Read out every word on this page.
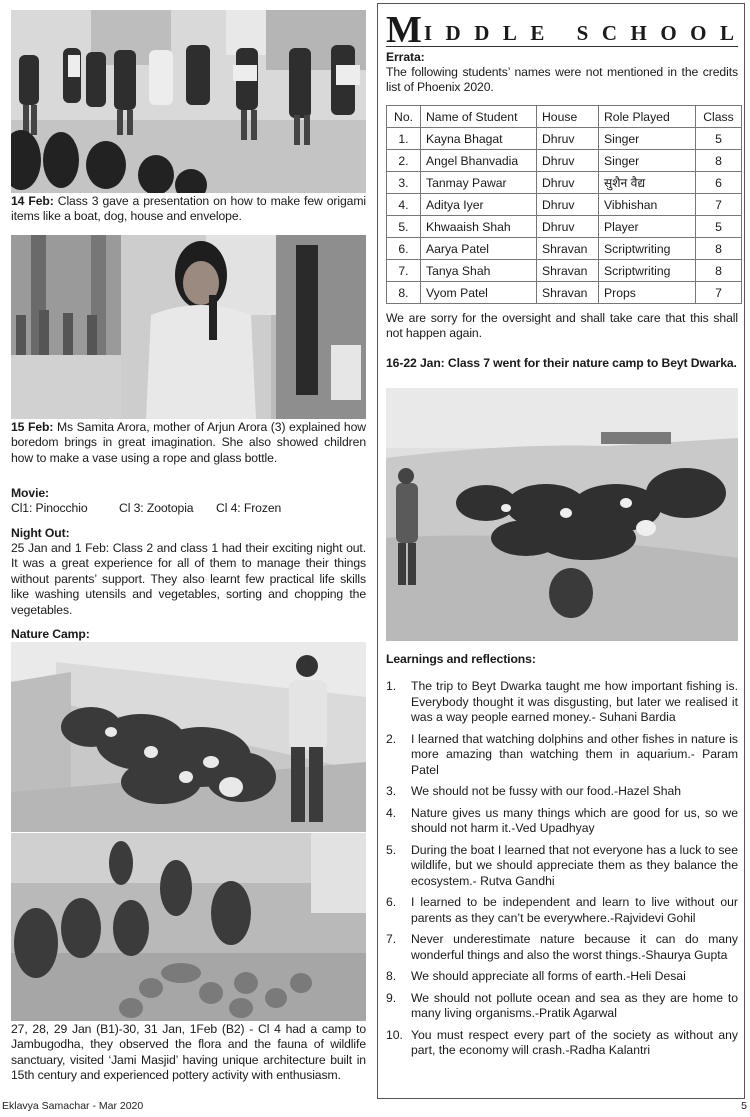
14 Feb: Class 3 gave a presentation on how to make few origami items like a boat, dog, house and envelope.
15 Feb: Ms Samita Arora, mother of Arjun Arora (3) explained how boredom brings in great imagination. She also showed children how to make a vase using a rope and glass bottle.
Movie:
Cl1: Pinocchio	Cl 3: Zootopia	Cl 4: Frozen
Night Out:
25 Jan and 1 Feb: Class 2 and class 1 had their exciting night out. It was a great experience for all of them to manage their things without parents’ support. They also learnt few practical life skills like washing utensils and vegetables, sorting and chopping the vegetables.
Nature Camp:
27, 28, 29 Jan (B1)-30, 31 Jan, 1Feb (B2) - Cl 4 had a camp to Jambugodha, they observed the flora and the fauna of wildlife sanctuary, visited ‘Jami Masjid’ having unique architecture built in 15th century and experienced pottery activity with enthusiasm.
M IDDLE SCHOOL
Errata:
The following students’ names were not mentioned in the credits list of Phoenix 2020.
No.	Name of Student	House	Role Played	Class
1.	Kayna Bhagat	Dhruv	Singer	5
2.	Angel Bhanvadia	Dhruv	Singer	8
3.	Tanmay Pawar	Dhruv	सुशैन वैद्य	6
4.	Aditya Iyer	Dhruv	Vibhishan	7
5.	Khwaaish Shah	Dhruv	Player	5
6.	Aarya Patel	Shravan	Scriptwriting	8
7.	Tanya Shah	Shravan	Scriptwriting	8
8.	Vyom Patel	Shravan	Props	7
We are sorry for the oversight and shall take care that this shall not happen again.
16-22 Jan: Class 7 went for their nature camp to Beyt Dwarka.
Learnings and reflections:
1. The trip to Beyt Dwarka taught me how important fishing is. Everybody thought it was disgusting, but later we realised it was a way people earned money.- Suhani Bardia
2. I learned that watching dolphins and other fishes in nature is more amazing than watching them in aquarium.- Param Patel
3. We should not be fussy with our food.-Hazel Shah
4. Nature gives us many things which are good for us, so we should not harm it.-Ved Upadhyay
5. During the boat I learned that not everyone has a luck to see wildlife, but we should appreciate them as they balance the ecosystem.- Rutva Gandhi
6. I learned to be independent and learn to live without our parents as they can’t be everywhere.-Rajvidevi Gohil
7. Never underestimate nature because it can do many wonderful things and also the worst things.-Shaurya Gupta
8. We should appreciate all forms of earth.-Heli Desai
9. We should not pollute ocean and sea as they are home to many living organisms.-Pratik Agarwal
10. You must respect every part of the society as without any part, the economy will crash.-Radha Kalantri
Eklavya Samachar - Mar 2020	5
